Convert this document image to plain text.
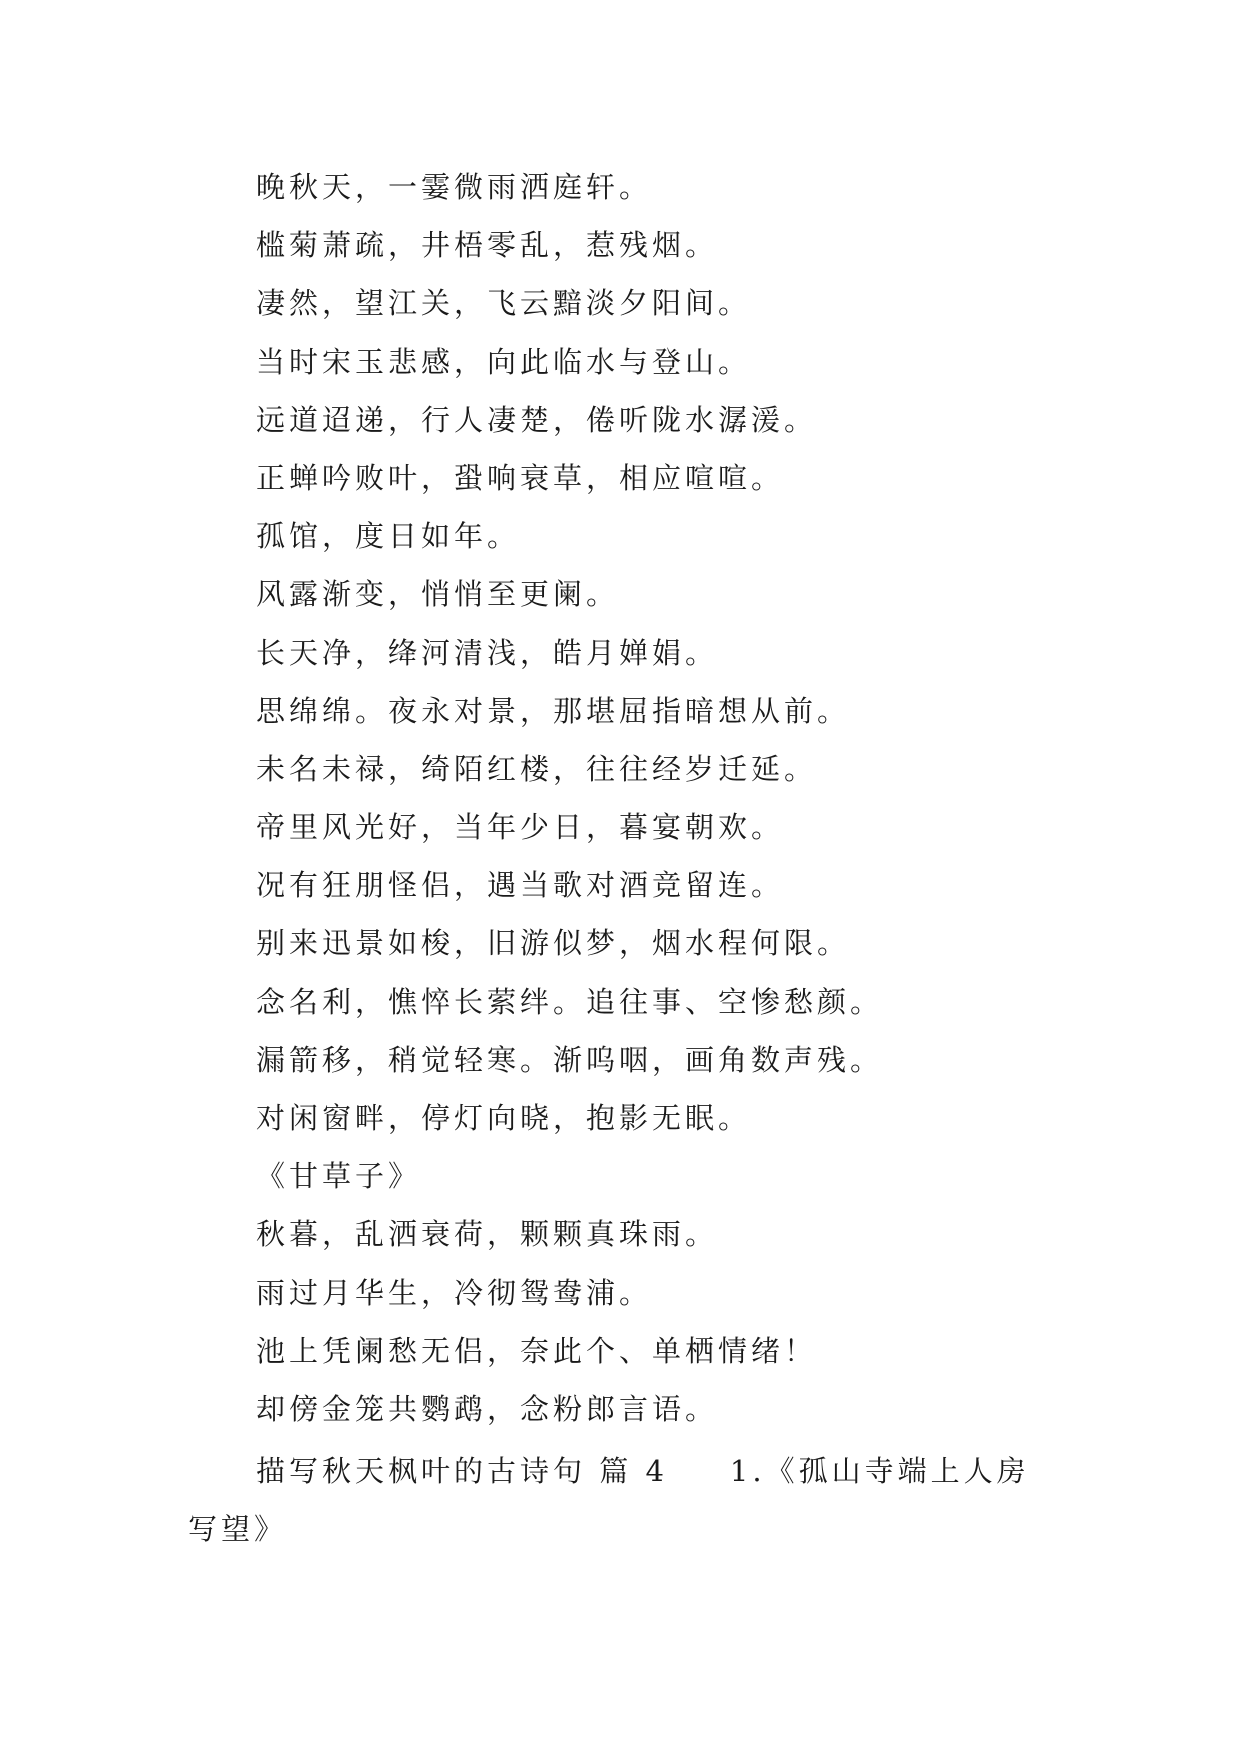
晚秋天，一霎微雨洒庭轩。
槛菊萧疏，井梧零乱，惹残烟。
凄然，望江关，飞云黯淡夕阳间。
当时宋玉悲感，向此临水与登山。
远道迢递，行人凄楚，倦听陇水潺湲。
正蝉吟败叶，蛩响衰草，相应喧喧。
孤馆，度日如年。
风露渐变，悄悄至更阑。
长天净，绛河清浅，皓月婵娟。
思绵绵。夜永对景，那堪屈指暗想从前。
未名未禄，绮陌红楼，往往经岁迁延。
帝里风光好，当年少日，暮宴朝欢。
况有狂朋怪侣，遇当歌对酒竞留连。
别来迅景如梭，旧游似梦，烟水程何限。
念名利，憔悴长萦绊。追往事、空惨愁颜。
漏箭移，稍觉轻寒。渐呜咽，画角数声残。
对闲窗畔，停灯向晓，抱影无眠。
《甘草子》
秋暮，乱洒衰荷，颗颗真珠雨。
雨过月华生，冷彻鸳鸯浦。
池上凭阑愁无侣，奈此个、单栖情绪！
却傍金笼共鹦鹉，念粉郎言语。
描写秋天枫叶的古诗句 篇 4 1.《孤山寺端上人房
写望》
